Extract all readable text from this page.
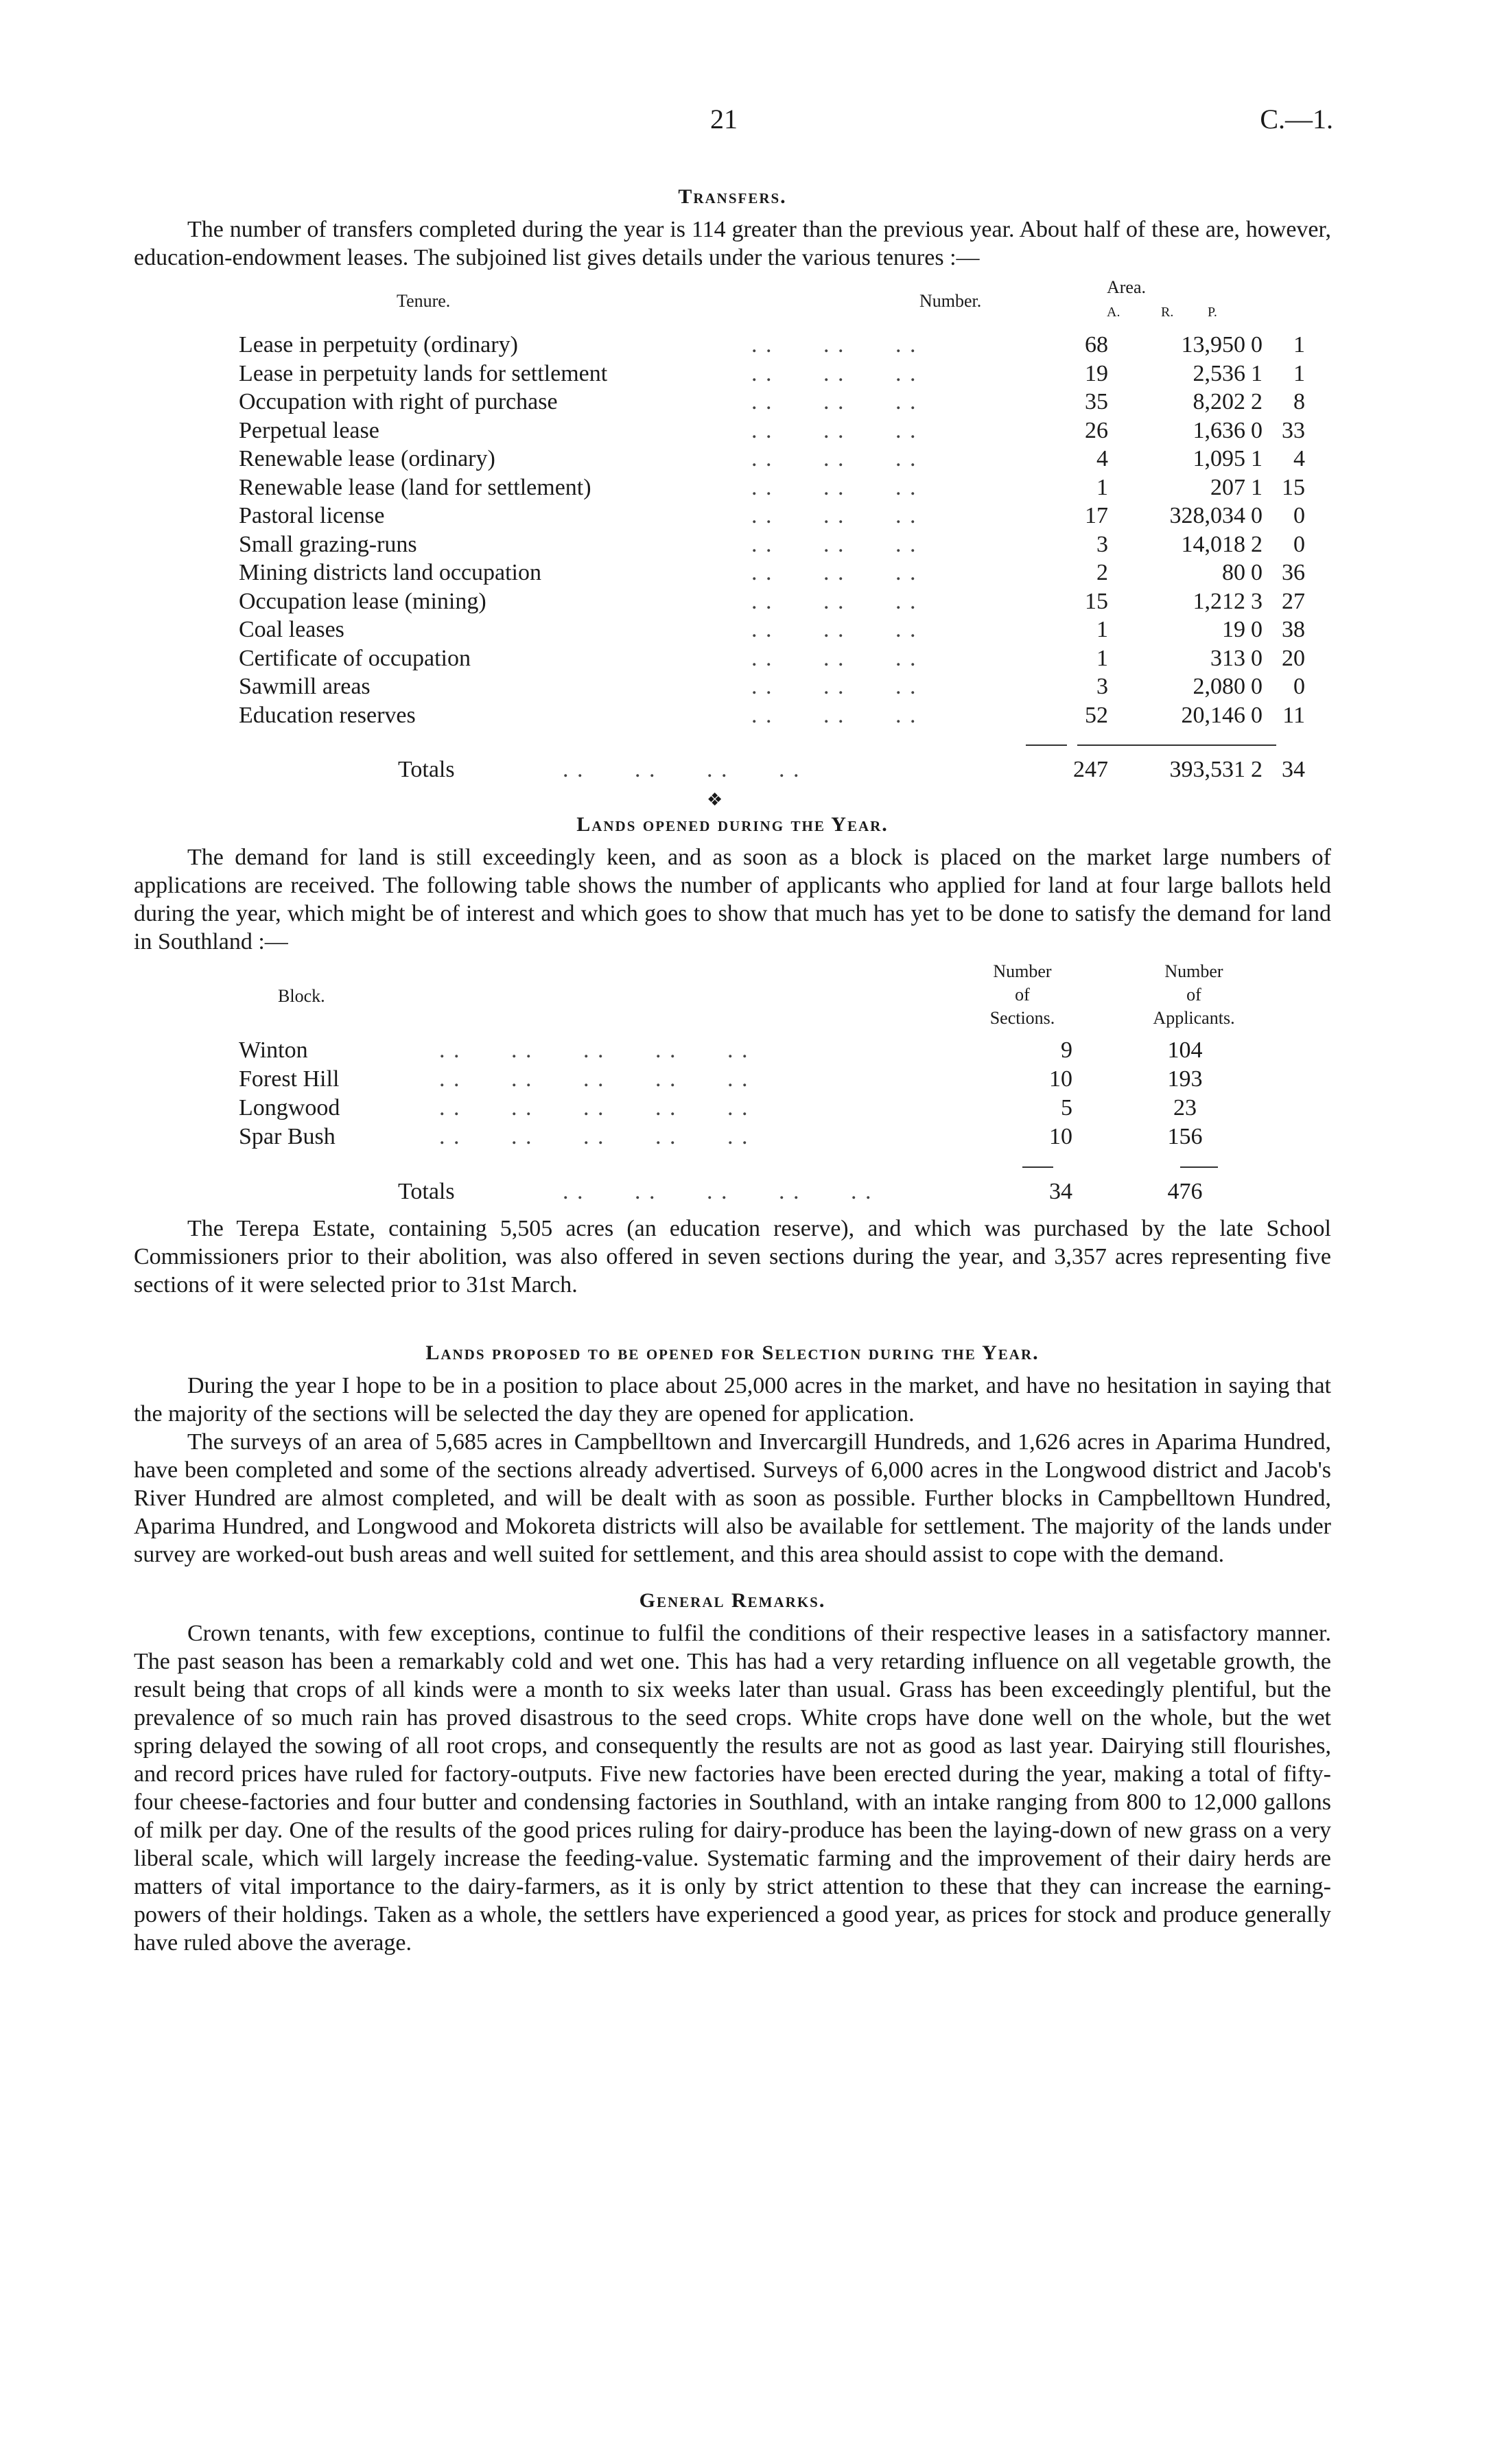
21	C.—1.
Transfers.

The number of transfers completed during the year is 114 greater than the previous year. About half of these are, however, education-endowment leases. The subjoined list gives details under the various tenures :—

Tenure.	Number.
Area.
A.	R. P.
Lease in perpetuity (ordinary)	. .       . .       . .	68	13,950 0	1
Lease in perpetuity lands for settlement	. .       . .       . .	19	2,536 1	1
Occupation with right of purchase	. .       . .       . .	35	8,202 2	8
Perpetual lease	. .       . .       . .	26	1,636 0 33
Renewable lease (ordinary)	. .       . .       . .	4	1,095 1	4
Renewable lease (land for settlement)	. .       . .       . .	1	207 1 15
Pastoral license	. .       . .       . .	17	328,034 0	0
Small grazing-runs	. .       . .       . .	3	14,018 2	0
Mining districts land occupation	. .       . .       . .	2	80 0 36
Occupation lease (mining)	. .       . .       . .	15	1,212 3 27
Coal leases	. .       . .       . .	1	19 0 38
Certificate of occupation	. .       . .       . .	1	313 0 20
Sawmill areas	. .       . .       . .	3	2,080 0	0
Education reserves	. .       . .       . .	52	20,146 0 11
Totals	. .       . .       . .       . .	247	393,531 2 34
❖
Lands opened during the Year.

The demand for land is still exceedingly keen, and as soon as a block is placed on the market large numbers of applications are received. The following table shows the number of applicants who applied for land at four large ballots held during the year, which might be of interest and which goes to show that much has yet to be done to satisfy the demand for land in Southland :—

Block.
Number
of
Sections.
Number
of
Applicants.
Winton	. .       . .       . .       . .       . .	9	104
Forest Hill	. .       . .       . .       . .       . .	10	193
Longwood	. .       . .       . .       . .       . .	5	23
Spar Bush	. .       . .       . .       . .       . .	10	156
Totals	. .       . .       . .       . .       . .	34	476

The Terepa Estate, containing 5,505 acres (an education reserve), and which was purchased by the late School Commissioners prior to their abolition, was also offered in seven sections during the year, and 3,357 acres representing five sections of it were selected prior to 31st March.

Lands proposed to be opened for Selection during the Year.

During the year I hope to be in a position to place about 25,000 acres in the market, and have no hesitation in saying that the majority of the sections will be selected the day they are opened for application.

The surveys of an area of 5,685 acres in Campbelltown and Invercargill Hundreds, and 1,626 acres in Aparima Hundred, have been completed and some of the sections already advertised. Surveys of 6,000 acres in the Longwood district and Jacob's River Hundred are almost completed, and will be dealt with as soon as possible. Further blocks in Campbelltown Hundred, Aparima Hundred, and Longwood and Mokoreta districts will also be available for settlement. The majority of the lands under survey are worked-out bush areas and well suited for settlement, and this area should assist to cope with the demand.

General Remarks.

Crown tenants, with few exceptions, continue to fulfil the conditions of their respective leases in a satisfactory manner. The past season has been a remarkably cold and wet one. This has had a very retarding influence on all vegetable growth, the result being that crops of all kinds were a month to six weeks later than usual. Grass has been exceedingly plentiful, but the prevalence of so much rain has proved disastrous to the seed crops. White crops have done well on the whole, but the wet spring delayed the sowing of all root crops, and consequently the results are not as good as last year. Dairying still flourishes, and record prices have ruled for factory-outputs. Five new factories have been erected during the year, making a total of fifty-four cheese-factories and four butter and condensing factories in Southland, with an intake ranging from 800 to 12,000 gallons of milk per day. One of the results of the good prices ruling for dairy-produce has been the laying-down of new grass on a very liberal scale, which will largely increase the feeding-value. Systematic farming and the improvement of their dairy herds are matters of vital importance to the dairy-farmers, as it is only by strict attention to these that they can increase the earning-powers of their holdings. Taken as a whole, the settlers have experienced a good year, as prices for stock and produce generally have ruled above the average.
